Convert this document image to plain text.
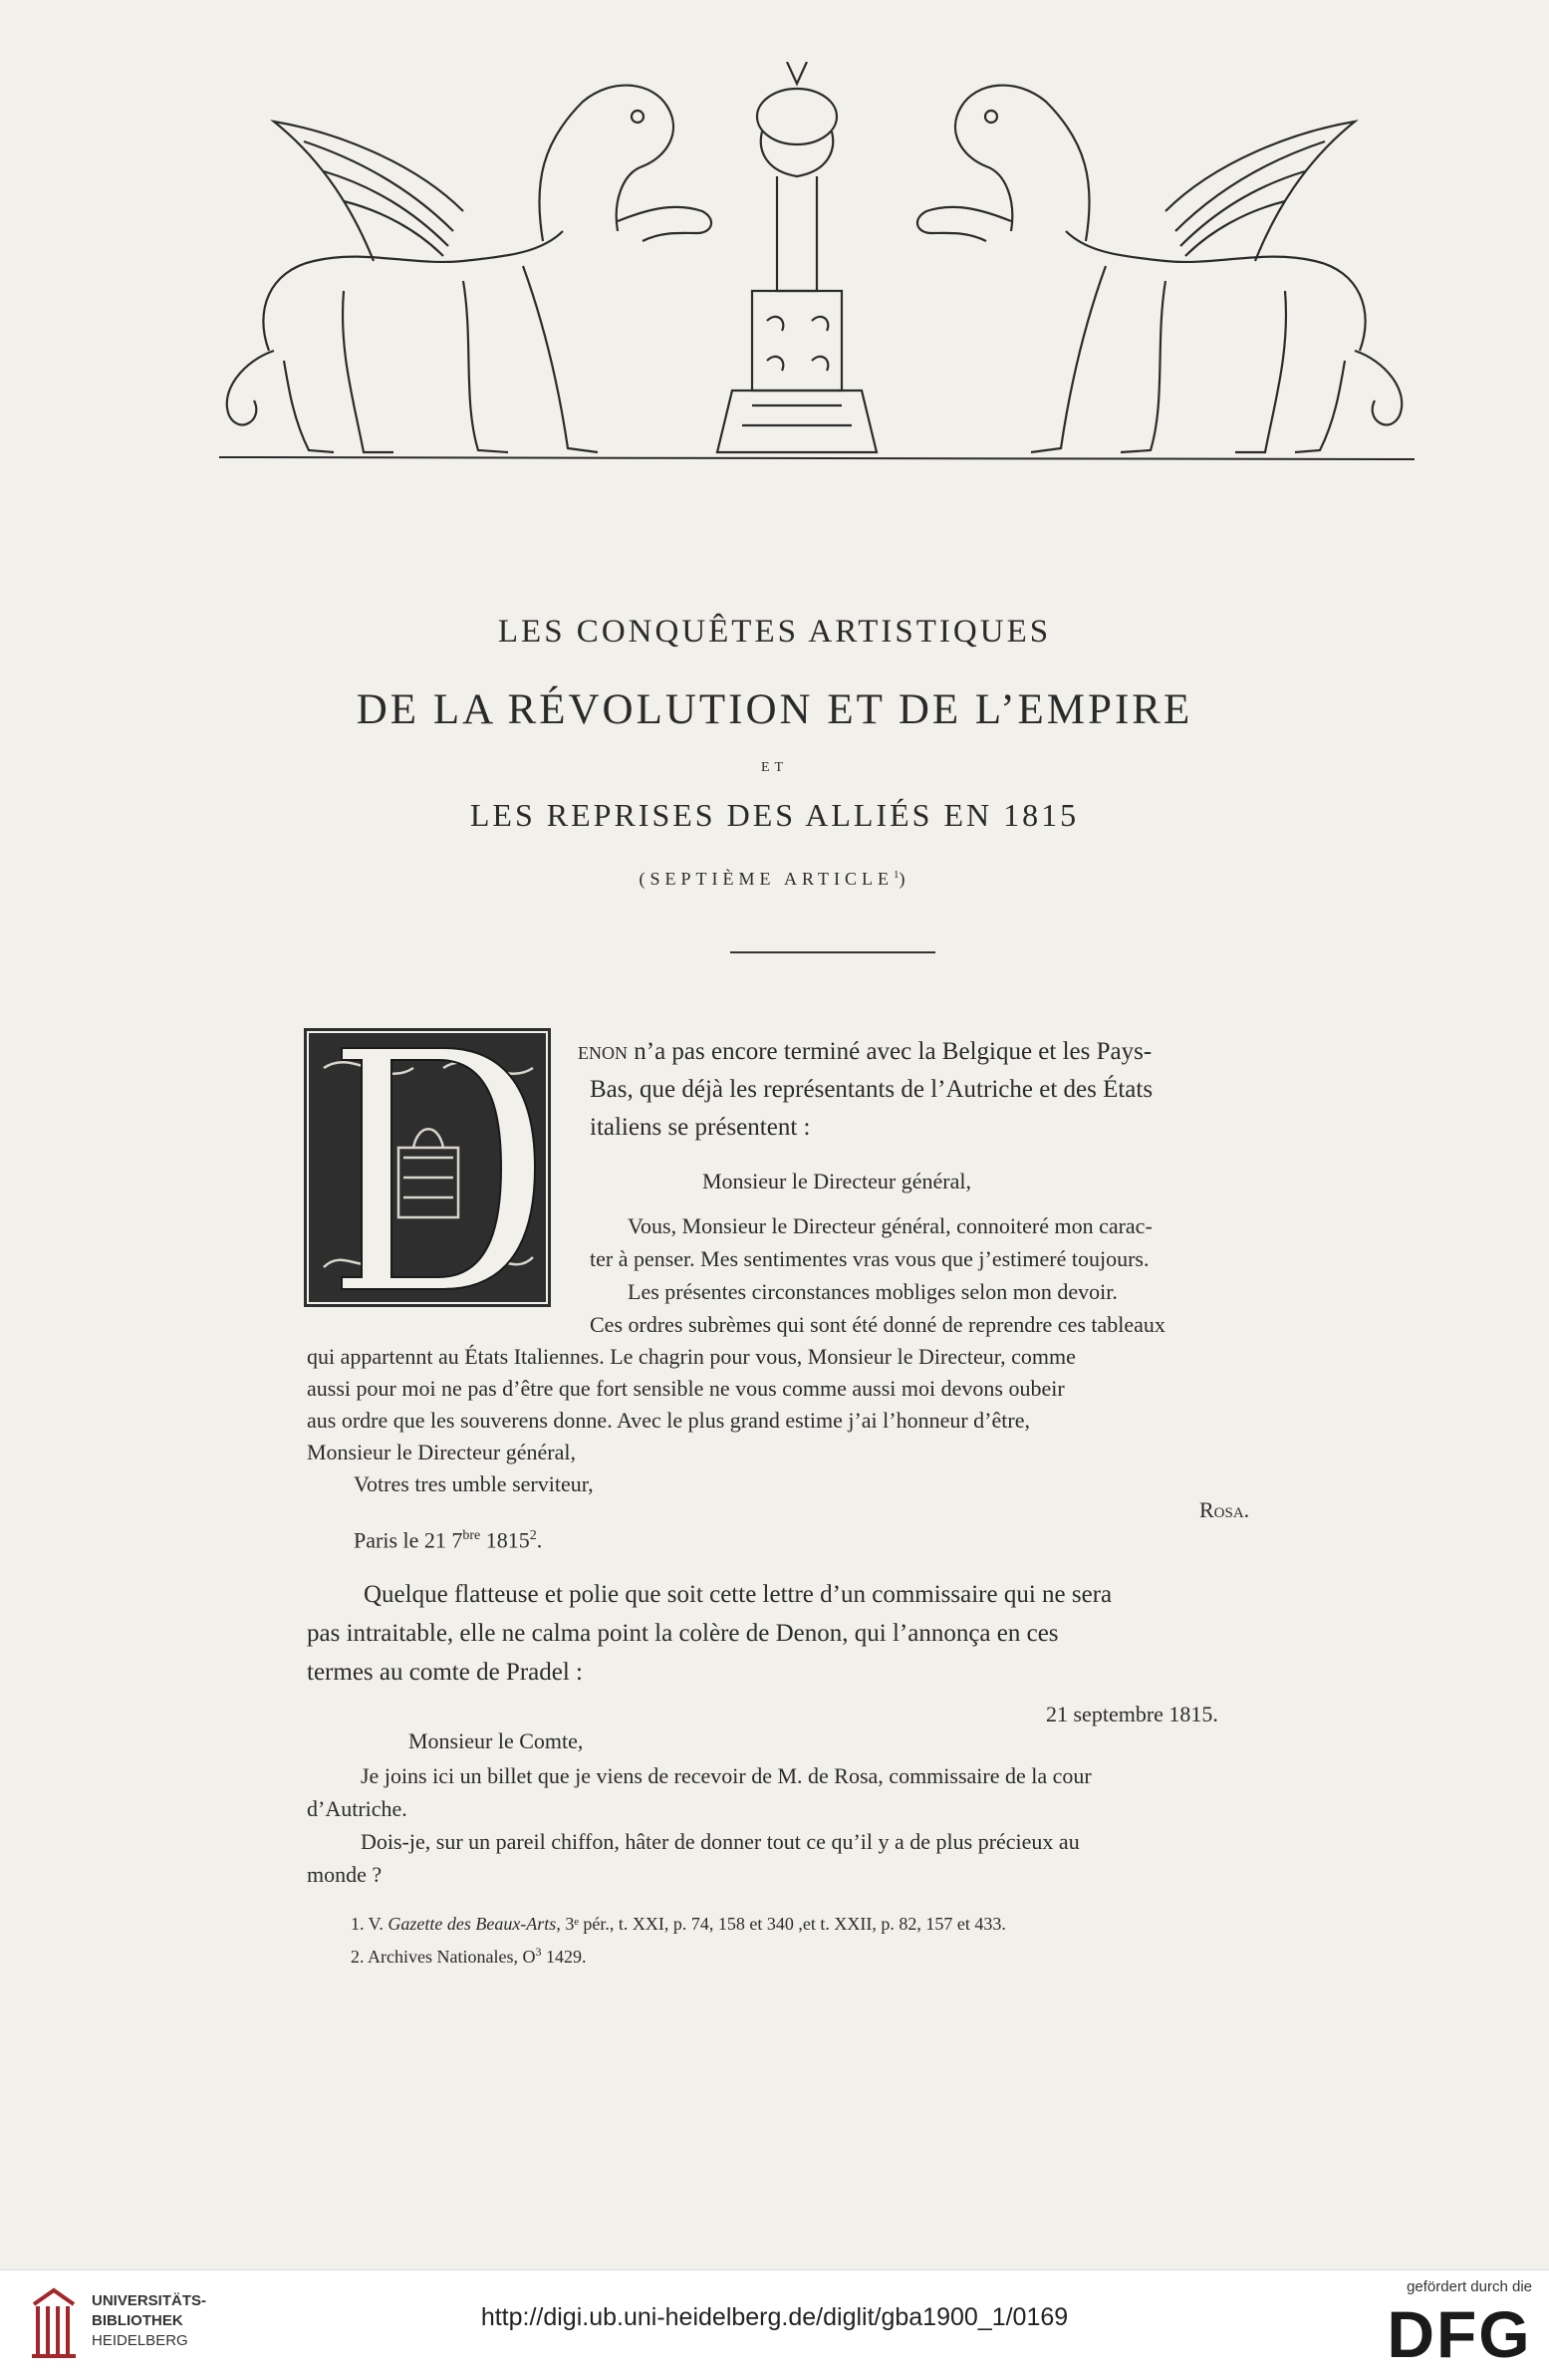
LES CONQUÊTES ARTISTIQUES
DE LA RÉVOLUTION ET DE L’EMPIRE
ET
LES REPRISES DES ALLIÉS EN 1815
(SEPTIÈME ARTICLE$^1$)
enon n’a pas encore terminé avec la Belgique et les Pays-
Bas, que déjà les représentants de l’Autriche et des États
italiens se présentent :
Monsieur le Directeur général,
Vous, Monsieur le Directeur général, connoiteré mon carac-
ter à penser. Mes sentimentes vras vous que j’estimeré toujours.
Les présentes circonstances mobliges selon mon devoir.
Ces ordres subrèmes qui sont été donné de reprendre ces tableaux
qui appartennt au États Italiennes. Le chagrin pour vous, Monsieur le Directeur, comme
aussi pour moi ne pas d’être que fort sensible ne vous comme aussi moi devons oubeir
aus ordre que les souverens donne. Avec le plus grand estime j’ai l’honneur d’être,
Monsieur le Directeur général,
Votres tres umble serviteur,
Rosa.
Paris le 21 $7^{bre}$ 1815$^2$.
Quelque flatteuse et polie que soit cette lettre d’un commissaire qui ne sera
pas intraitable, elle ne calma point la colère de Denon, qui l’annonça en ces
termes au comte de Pradel :
21 septembre 1815.
Monsieur le Comte,
Je joins ici un billet que je viens de recevoir de M. de Rosa, commissaire de la cour
d’Autriche.
Dois-je, sur un pareil chiffon, hâter de donner tout ce qu’il y a de plus précieux au
monde ?
1. V. Gazette des Beaux-Arts, 3ᵉ pér., t. XXI, p. 74, 158 et 340 ,et t. XXII, p. 82, 157 et 433.
2. Archives Nationales, $O^3$ 1429.
UNIVERSITÄTS-
BIBLIOTHEK
HEIDELBERG
http://digi.ub.uni-heidelberg.de/diglit/gba1900_1/0169
gefördert durch die
DFG
